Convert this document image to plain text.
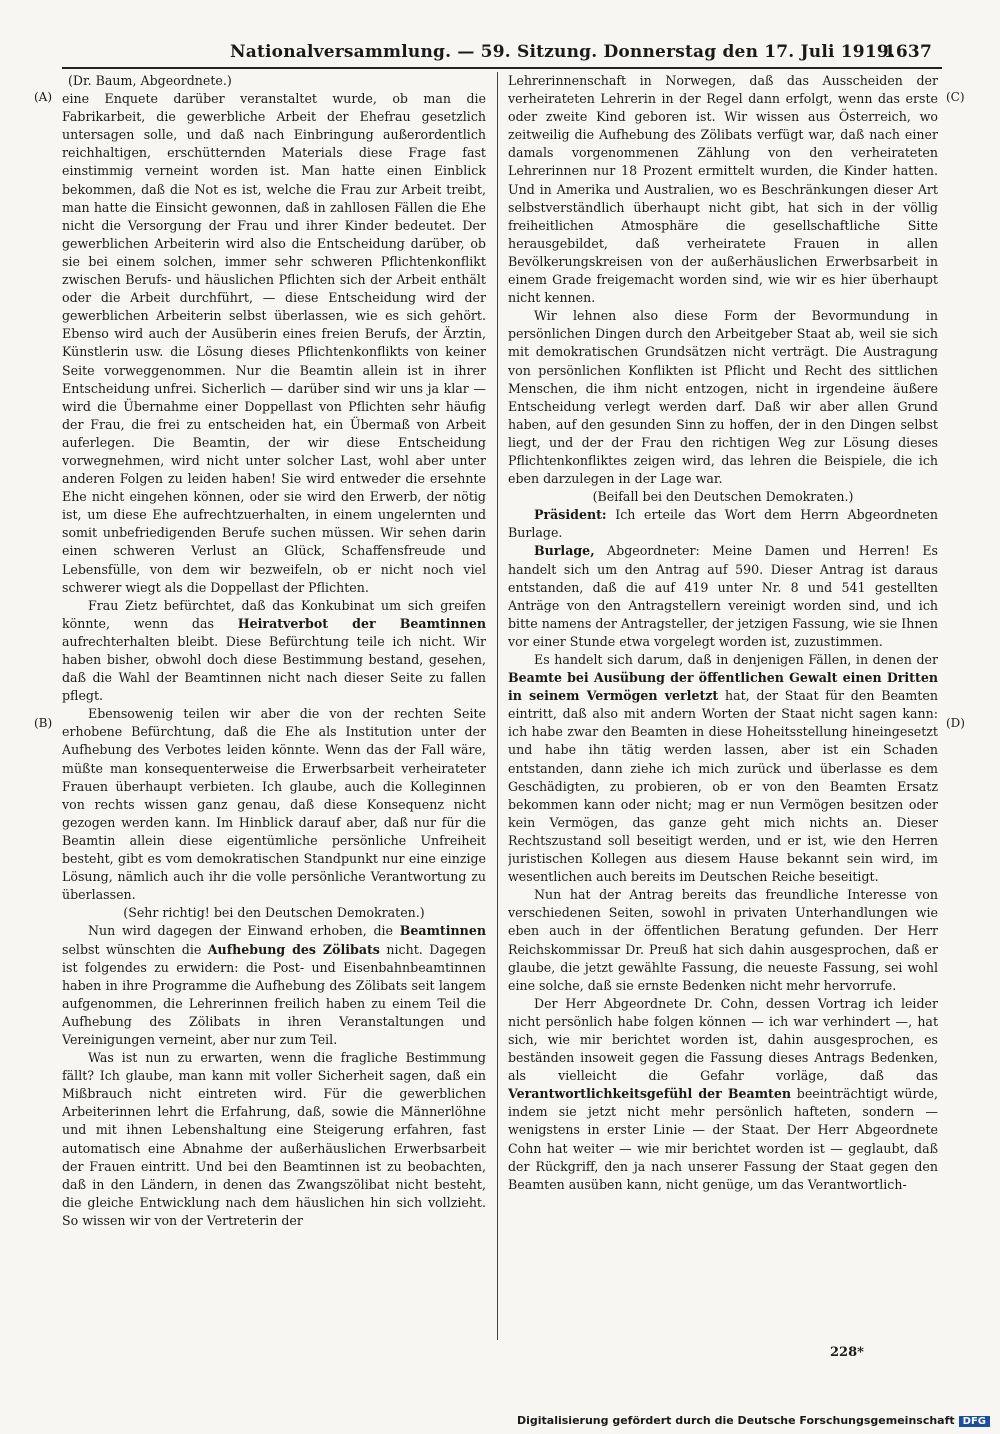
Nationalversammlung. — 59. Sitzung. Donnerstag den 17. Juli 1919.
1637
(A)
(B)
(C)
(D)

(Dr. Baum, Abgeordnete.)

eine Enquete darüber veranstaltet wurde, ob man die Fabrikarbeit, die gewerbliche Arbeit der Ehefrau gesetzlich untersagen solle, und daß nach Einbringung außerordentlich reichhaltigen, erschütternden Materials diese Frage fast einstimmig verneint worden ist. Man hatte einen Einblick bekommen, daß die Not es ist, welche die Frau zur Arbeit treibt, man hatte die Einsicht gewonnen, daß in zahllosen Fällen die Ehe nicht die Versorgung der Frau und ihrer Kinder bedeutet. Der gewerblichen Arbeiterin wird also die Entscheidung darüber, ob sie bei einem solchen, immer sehr schweren Pflichtenkonflikt zwischen Berufs- und häuslichen Pflichten sich der Arbeit enthält oder die Arbeit durchführt, — diese Entscheidung wird der gewerblichen Arbeiterin selbst überlassen, wie es sich gehört. Ebenso wird auch der Ausüberin eines freien Berufs, der Ärztin, Künstlerin usw. die Lösung dieses Pflichtenkonflikts von keiner Seite vorweggenommen. Nur die Beamtin allein ist in ihrer Entscheidung unfrei. Sicherlich — darüber sind wir uns ja klar — wird die Übernahme einer Doppellast von Pflichten sehr häufig der Frau, die frei zu entscheiden hat, ein Übermaß von Arbeit auferlegen. Die Beamtin, der wir diese Entscheidung vorwegnehmen, wird nicht unter solcher Last, wohl aber unter anderen Folgen zu leiden haben! Sie wird entweder die ersehnte Ehe nicht eingehen können, oder sie wird den Erwerb, der nötig ist, um diese Ehe aufrechtzuerhalten, in einem ungelernten und somit unbefriedigenden Berufe suchen müssen. Wir sehen darin einen schweren Verlust an Glück, Schaffensfreude und Lebensfülle, von dem wir bezweifeln, ob er nicht noch viel schwerer wiegt als die Doppellast der Pflichten.

Frau Zietz befürchtet, daß das Konkubinat um sich greifen könnte, wenn das Heiratverbot der Beamtinnen aufrechterhalten bleibt. Diese Befürchtung teile ich nicht. Wir haben bisher, obwohl doch diese Bestimmung bestand, gesehen, daß die Wahl der Beamtinnen nicht nach dieser Seite zu fallen pflegt.

Ebensowenig teilen wir aber die von der rechten Seite erhobene Befürchtung, daß die Ehe als Institution unter der Aufhebung des Verbotes leiden könnte. Wenn das der Fall wäre, müßte man konsequenterweise die Erwerbsarbeit verheirateter Frauen überhaupt verbieten. Ich glaube, auch die Kolleginnen von rechts wissen ganz genau, daß diese Konsequenz nicht gezogen werden kann. Im Hinblick darauf aber, daß nur für die Beamtin allein diese eigentümliche persönliche Unfreiheit besteht, gibt es vom demokratischen Standpunkt nur eine einzige Lösung, nämlich auch ihr die volle persönliche Verantwortung zu überlassen.

(Sehr richtig! bei den Deutschen Demokraten.)

Nun wird dagegen der Einwand erhoben, die Beamtinnen selbst wünschten die Aufhebung des Zölibats nicht. Dagegen ist folgendes zu erwidern: die Post- und Eisenbahnbeamtinnen haben in ihre Programme die Aufhebung des Zölibats seit langem aufgenommen, die Lehrerinnen freilich haben zu einem Teil die Aufhebung des Zölibats in ihren Veranstaltungen und Vereinigungen verneint, aber nur zum Teil.

Was ist nun zu erwarten, wenn die fragliche Bestimmung fällt? Ich glaube, man kann mit voller Sicherheit sagen, daß ein Mißbrauch nicht eintreten wird. Für die gewerblichen Arbeiterinnen lehrt die Erfahrung, daß, sowie die Männerlöhne und mit ihnen Lebenshaltung eine Steigerung erfahren, fast automatisch eine Abnahme der außerhäuslichen Erwerbsarbeit der Frauen eintritt. Und bei den Beamtinnen ist zu beobachten, daß in den Ländern, in denen das Zwangszölibat nicht besteht, die gleiche Entwicklung nach dem häuslichen hin sich vollzieht. So wissen wir von der Vertreterin der

Lehrerinnenschaft in Norwegen, daß das Ausscheiden der verheirateten Lehrerin in der Regel dann erfolgt, wenn das erste oder zweite Kind geboren ist. Wir wissen aus Österreich, wo zeitweilig die Aufhebung des Zölibats verfügt war, daß nach einer damals vorgenommenen Zählung von den verheirateten Lehrerinnen nur 18 Prozent ermittelt wurden, die Kinder hatten. Und in Amerika und Australien, wo es Beschränkungen dieser Art selbstverständlich überhaupt nicht gibt, hat sich in der völlig freiheitlichen Atmosphäre die gesellschaftliche Sitte herausgebildet, daß verheiratete Frauen in allen Bevölkerungskreisen von der außerhäuslichen Erwerbsarbeit in einem Grade freigemacht worden sind, wie wir es hier überhaupt nicht kennen.

Wir lehnen also diese Form der Bevormundung in persönlichen Dingen durch den Arbeitgeber Staat ab, weil sie sich mit demokratischen Grundsätzen nicht verträgt. Die Austragung von persönlichen Konflikten ist Pflicht und Recht des sittlichen Menschen, die ihm nicht entzogen, nicht in irgendeine äußere Entscheidung verlegt werden darf. Daß wir aber allen Grund haben, auf den gesunden Sinn zu hoffen, der in den Dingen selbst liegt, und der der Frau den richtigen Weg zur Lösung dieses Pflichtenkonfliktes zeigen wird, das lehren die Beispiele, die ich eben darzulegen in der Lage war.

(Beifall bei den Deutschen Demokraten.)

Präsident: Ich erteile das Wort dem Herrn Abgeordneten Burlage.

Burlage, Abgeordneter: Meine Damen und Herren! Es handelt sich um den Antrag auf 590. Dieser Antrag ist daraus entstanden, daß die auf 419 unter Nr. 8 und 541 gestellten Anträge von den Antragstellern vereinigt worden sind, und ich bitte namens der Antragsteller, der jetzigen Fassung, wie sie Ihnen vor einer Stunde etwa vorgelegt worden ist, zuzustimmen.

Es handelt sich darum, daß in denjenigen Fällen, in denen der Beamte bei Ausübung der öffentlichen Gewalt einen Dritten in seinem Vermögen verletzt hat, der Staat für den Beamten eintritt, daß also mit andern Worten der Staat nicht sagen kann: ich habe zwar den Beamten in diese Hoheitsstellung hineingesetzt und habe ihn tätig werden lassen, aber ist ein Schaden entstanden, dann ziehe ich mich zurück und überlasse es dem Geschädigten, zu probieren, ob er von den Beamten Ersatz bekommen kann oder nicht; mag er nun Vermögen besitzen oder kein Vermögen, das ganze geht mich nichts an. Dieser Rechtszustand soll beseitigt werden, und er ist, wie den Herren juristischen Kollegen aus diesem Hause bekannt sein wird, im wesentlichen auch bereits im Deutschen Reiche beseitigt.

Nun hat der Antrag bereits das freundliche Interesse von verschiedenen Seiten, sowohl in privaten Unterhandlungen wie eben auch in der öffentlichen Beratung gefunden. Der Herr Reichskommissar Dr. Preuß hat sich dahin ausgesprochen, daß er glaube, die jetzt gewählte Fassung, die neueste Fassung, sei wohl eine solche, daß sie ernste Bedenken nicht mehr hervorrufe.

Der Herr Abgeordnete Dr. Cohn, dessen Vortrag ich leider nicht persönlich habe folgen können — ich war verhindert —, hat sich, wie mir berichtet worden ist, dahin ausgesprochen, es beständen insoweit gegen die Fassung dieses Antrags Bedenken, als vielleicht die Gefahr vorläge, daß das Verantwortlichkeitsgefühl der Beamten beeinträchtigt würde, indem sie jetzt nicht mehr persönlich hafteten, sondern — wenigstens in erster Linie — der Staat. Der Herr Abgeordnete Cohn hat weiter — wie mir berichtet worden ist — geglaubt, daß der Rückgriff, den ja nach unserer Fassung der Staat gegen den Beamten ausüben kann, nicht genüge, um das Verantwortlich-

228*
Digitalisierung gefördert durch die Deutsche Forschungsgemeinschaft DFG
